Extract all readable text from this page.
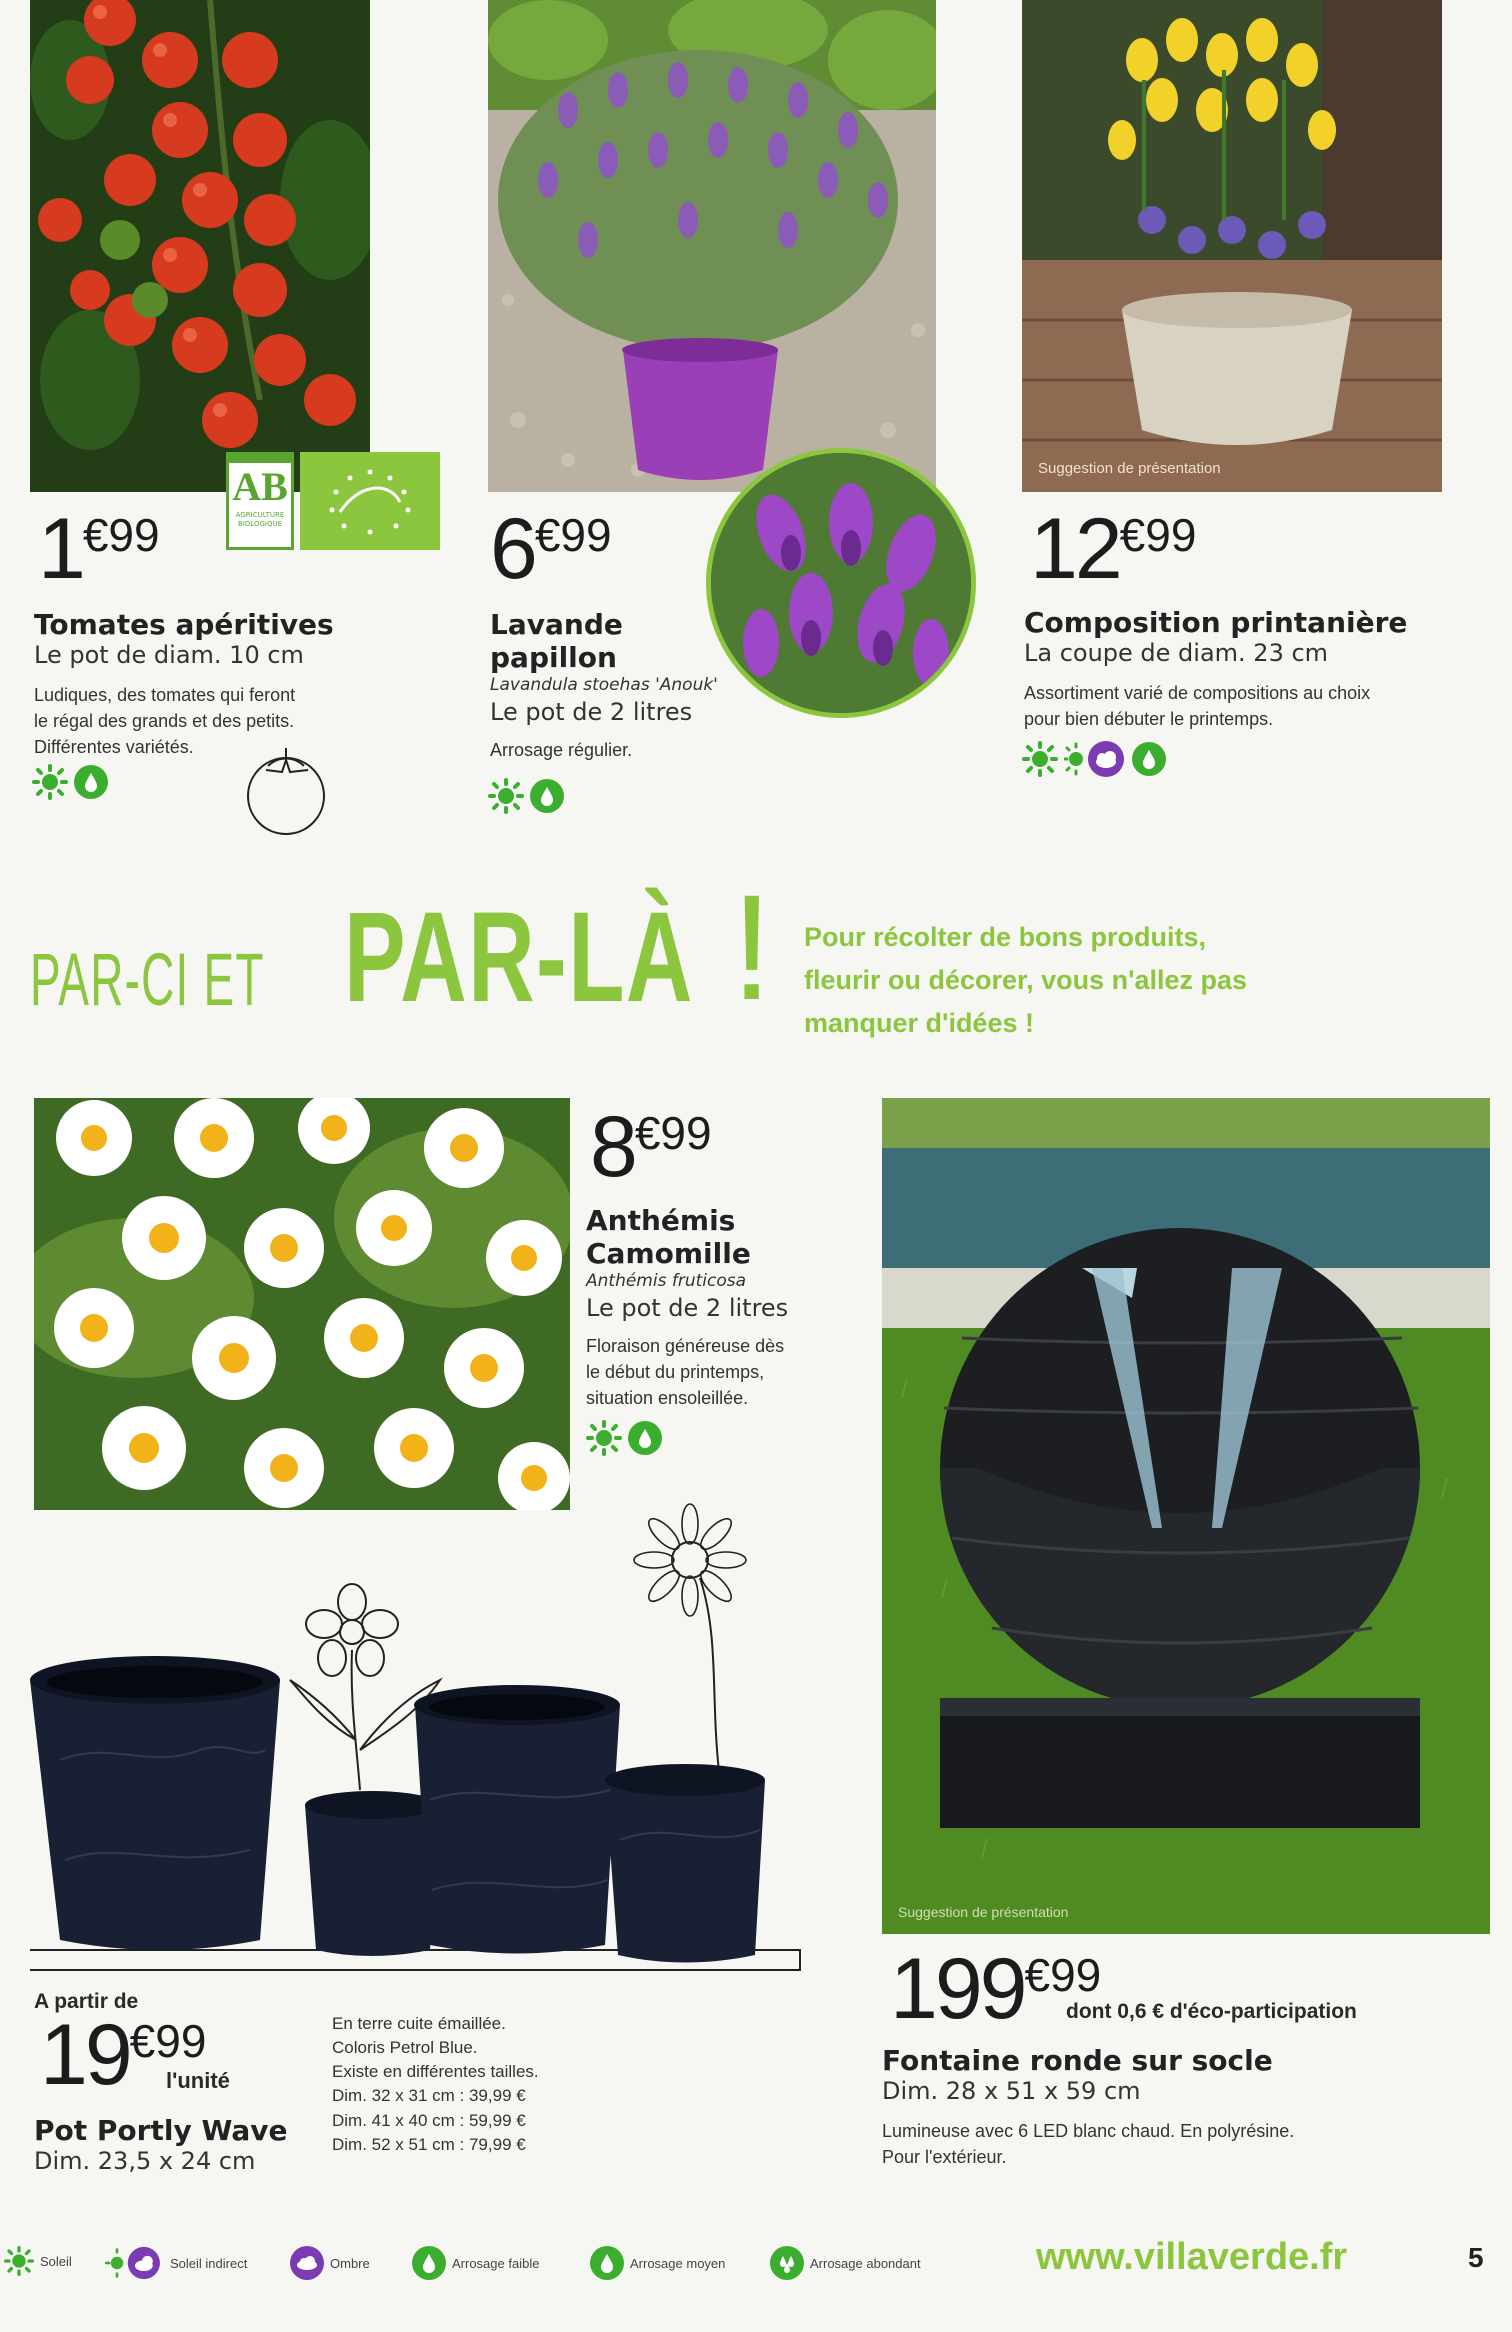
AB
AGRICULTURE BIOLOGIQUE
1€99
Tomates apéritives
Le pot de diam. 10 cm
Ludiques, des tomates qui feront
le régal des grands et des petits.
Différentes variétés.
6€99
Lavande
papillon
Lavandula stoehas 'Anouk'
Le pot de 2 litres
Arrosage régulier.
Suggestion de présentation
12€99
Composition printanière
La coupe de diam. 23 cm
Assortiment varié de compositions au choix
pour bien débuter le printemps.
PAR-CI ET PAR-LÀ ! Pour récolter de bons produits,
fleurir ou décorer, vous n'allez pas
manquer d'idées !
8€99
Anthémis
Camomille
Anthémis fruticosa
Le pot de 2 litres
Floraison généreuse dès
le début du printemps,
situation ensoleillée.
A partir de
19€99
l'unité
Pot Portly Wave
Dim. 23,5 x 24 cm
En terre cuite émaillée.
Coloris Petrol Blue.
Existe en différentes tailles.
Dim. 32 x 31 cm : 39,99 €
Dim. 41 x 40 cm : 59,99 €
Dim. 52 x 51 cm : 79,99 €
Suggestion de présentation
199€99
dont 0,6 € d'éco-participation
Fontaine ronde sur socle
Dim. 28 x 51 x 59 cm
Lumineuse avec 6 LED blanc chaud. En polyrésine.
Pour l'extérieur.
Soleil	Soleil indirect	Ombre	Arrosage faible	Arrosage moyen	Arrosage abondant	www.villaverde.fr	5
